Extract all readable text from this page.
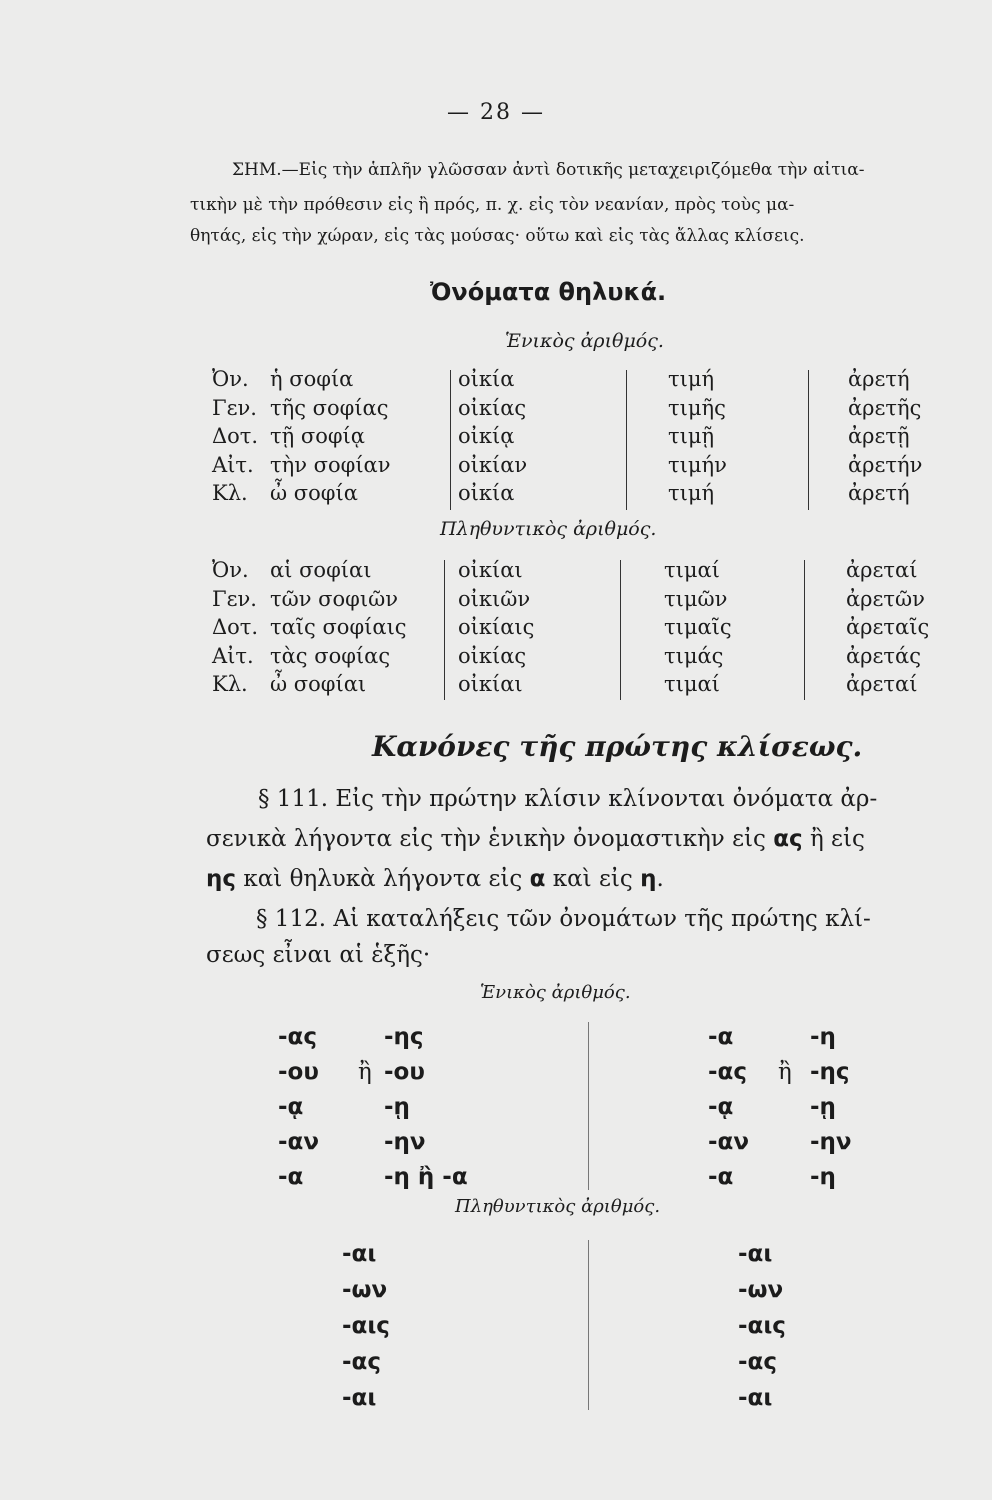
— 28 —
ΣΗΜ.—Εἰς τὴν ἁπλῆν γλῶσσαν ἀντὶ δοτικῆς μεταχειριζόμεθα τὴν αἰτια-
τικὴν μὲ τὴν πρόθεσιν εἰς ἢ πρός, π. χ. εἰς τὸν νεανίαν, πρὸς τοὺς μα-
θητάς, εἰς τὴν χώραν, εἰς τὰς μούσας· οὕτω καὶ εἰς τὰς ἄλλας κλίσεις.
Ὀνόματα θηλυκά.
Ἑνικὸς ἀριθμός.
Ὀν.
Γεν.
Δοτ.
Αἰτ.
Κλ.
ἡ σοφία
τῆς σοφίας
τῇ σοφίᾳ
τὴν σοφίαν
ὦ σοφία
οἰκία
οἰκίας
οἰκίᾳ
οἰκίαν
οἰκία
τιμή
τιμῆς
τιμῇ
τιμήν
τιμή
ἀρετή
ἀρετῆς
ἀρετῇ
ἀρετήν
ἀρετή
Πληθυντικὸς ἀριθμός.
Ὀν.
Γεν.
Δοτ.
Αἰτ.
Κλ.
αἱ σοφίαι
τῶν σοφιῶν
ταῖς σοφίαις
τὰς σοφίας
ὦ σοφίαι
οἰκίαι
οἰκιῶν
οἰκίαις
οἰκίας
οἰκίαι
τιμαί
τιμῶν
τιμαῖς
τιμάς
τιμαί
ἀρεταί
ἀρετῶν
ἀρεταῖς
ἀρετάς
ἀρεταί
Κανόνες τῆς πρώτης κλίσεως.
§ 111. Εἰς τὴν πρώτην κλίσιν κλίνονται ὀνόματα ἀρ-
σενικὰ λήγοντα εἰς τὴν ἑνικὴν ὀνομαστικὴν εἰς ας ἢ εἰς
ης καὶ θηλυκὰ λήγοντα εἰς α καὶ εἰς η.
§ 112. Αἱ καταλήξεις τῶν ὀνομάτων τῆς πρώτης κλί-
σεως εἶναι αἱ ἑξῆς·
Ἑνικὸς ἀριθμός.
-ας
-ου
-ᾳ
-αν
-α

ἢ
-ης
-ου
-ῃ
-ην
-η ἢ -α
-α
-ας
-ᾳ
-αν
-α

ἢ
-η
-ης
-ῃ
-ην
-η
Πληθυντικὸς ἀριθμός.
-αι
-ων
-αις
-ας
-αι
-αι
-ων
-αις
-ας
-αι
